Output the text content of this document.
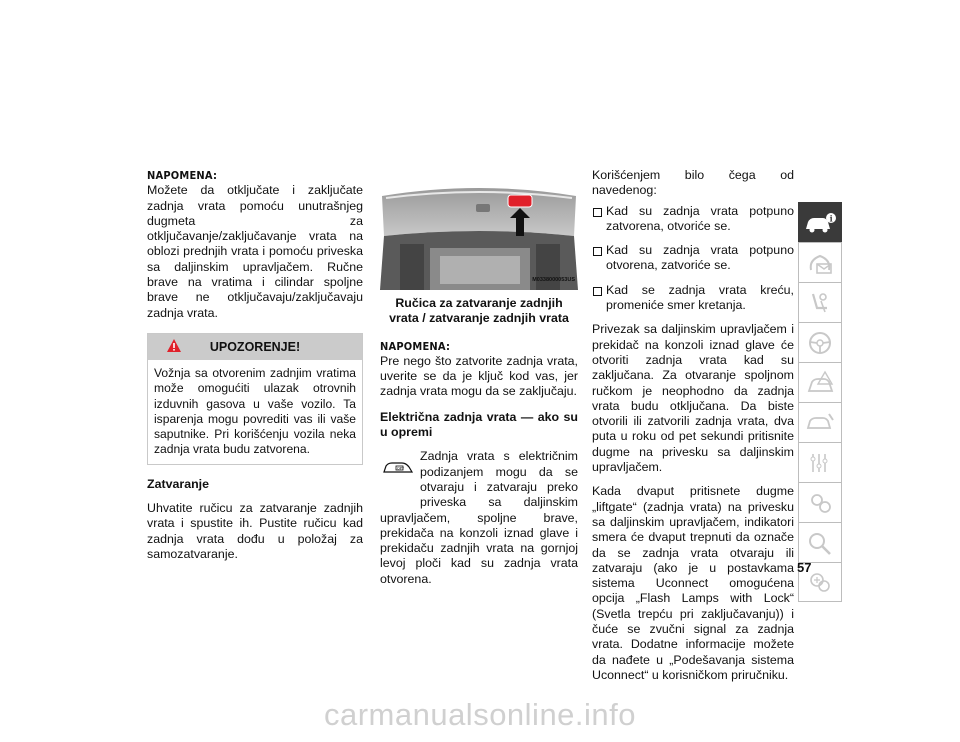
NAPOMENA:

Možete da otključate i zaključate zadnja vrata pomoću unutrašnjeg dugmeta za otključavanje/zaključavanje vrata na oblozi prednjih vrata i pomoću priveska sa daljinskim upravljačem. Ručne brave na vratima i cilindar spoljne brave ne otključavaju/zaključavaju zadnja vrata.

UPOZORENJE!
Vožnja sa otvorenim zadnjim vratima može omogućiti ulazak otrovnih izduvnih gasova u vaše vozilo. Ta isparenja mogu povrediti vas ili vaše saputnike. Pri korišćenju vozila neka zadnja vrata budu zatvorena.
Zatvaranje

Uhvatite ručicu za zatvaranje zadnjih vrata i spustite ih. Pustite ručicu kad zadnja vrata dođu u položaj za samozatvaranje.

M0338000053US
Ručica za zatvaranje zadnjih vrata / zatvaranje zadnjih vrata
NAPOMENA:

Pre nego što zatvorite zadnja vrata, uverite se da je ključ kod vas, jer zadnja vrata mogu da se zaključaju.

Električna zadnja vrata — ako su u opremi
OPT
Zadnja vrata s električnim podizanjem mogu da se otvaraju i zatvaraju preko priveska sa daljinskim upravljačem, spoljne brave, prekidača na konzoli iznad glave i prekidaču zadnjih vrata na gornjoj levoj ploči kad su zadnja vrata otvorena.

Korišćenjem bilo čega od navedenog:

Kad su zadnja vrata potpuno zatvorena, otvoriće se.
Kad su zadnja vrata potpuno otvorena, zatvoriće se.
Kad se zadnja vrata kreću, promeniće smer kretanja.

Privezak sa daljinskim upravljačem i prekidač na konzoli iznad glave će otvoriti zadnja vrata kad su zaključana. Za otvaranje spoljnom ručkom je neophodno da zadnja vrata budu otključana. Da biste otvorili ili zatvorili zadnja vrata, dva puta u roku od pet sekundi pritisnite dugme na privesku sa daljinskim upravljačem.

Kada dvaput pritisnete dugme „liftgate“ (zadnja vrata) na privesku sa daljinskim upravljačem, indikatori smera će dvaput trepnuti da označe da se zadnja vrata otvaraju ili zatvaraju (ako je u postavkama sistema Uconnect omogućena opcija „Flash Lamps with Lock“ (Svetla trepću pri zaključavanju)) i čuće se zvučni signal za zadnja vrata. Dodatne informacije možete da nađete u „Podešavanja sistema Uconnect“ u korisničkom priručniku.

i
57
carmanualsonline.info
